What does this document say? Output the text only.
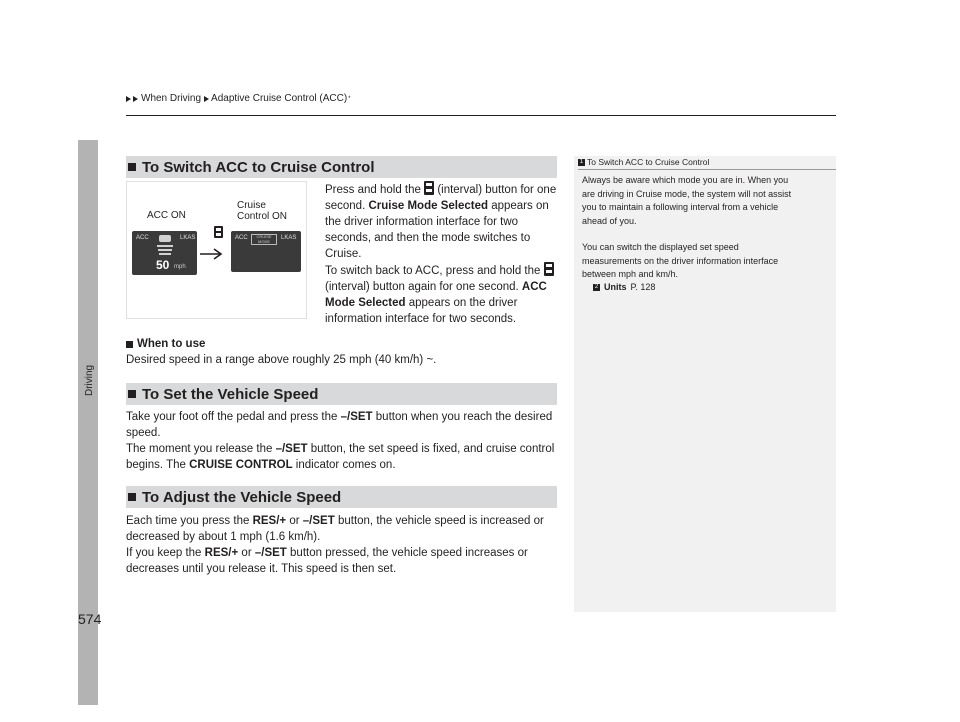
When Driving Adaptive Cruise Control (ACC) *
Driving
574
To Switch ACC to Cruise Control
ACC ON
Cruise
Control ON
ACC	LKAS
50 mph
ACC	LKAS
CRUISE
MODE
Press and hold the (interval) button for one
second. Cruise Mode Selected appears on
the driver information interface for two
seconds, and then the mode switches to
Cruise.
To switch back to ACC, press and hold the
(interval) button again for one second. ACC
Mode Selected appears on the driver
information interface for two seconds.
When to use
Desired speed in a range above roughly 25 mph (40 km/h) ~.
To Set the Vehicle Speed
Take your foot off the pedal and press the –/SET button when you reach the desired
speed.
The moment you release the –/SET button, the set speed is fixed, and cruise control
begins. The CRUISE CONTROL indicator comes on.
To Adjust the Vehicle Speed
Each time you press the RES/+ or –/SET button, the vehicle speed is increased or
decreased by about 1 mph (1.6 km/h).
If you keep the RES/+ or –/SET button pressed, the vehicle speed increases or
decreases until you release it. This speed is then set.
1 To Switch ACC to Cruise Control
Always be aware which mode you are in. When you
are driving in Cruise mode, the system will not assist
you to maintain a following interval from a vehicle
ahead of you.
You can switch the displayed set speed
measurements on the driver information interface
between mph and km/h.
2 Units P. 128
